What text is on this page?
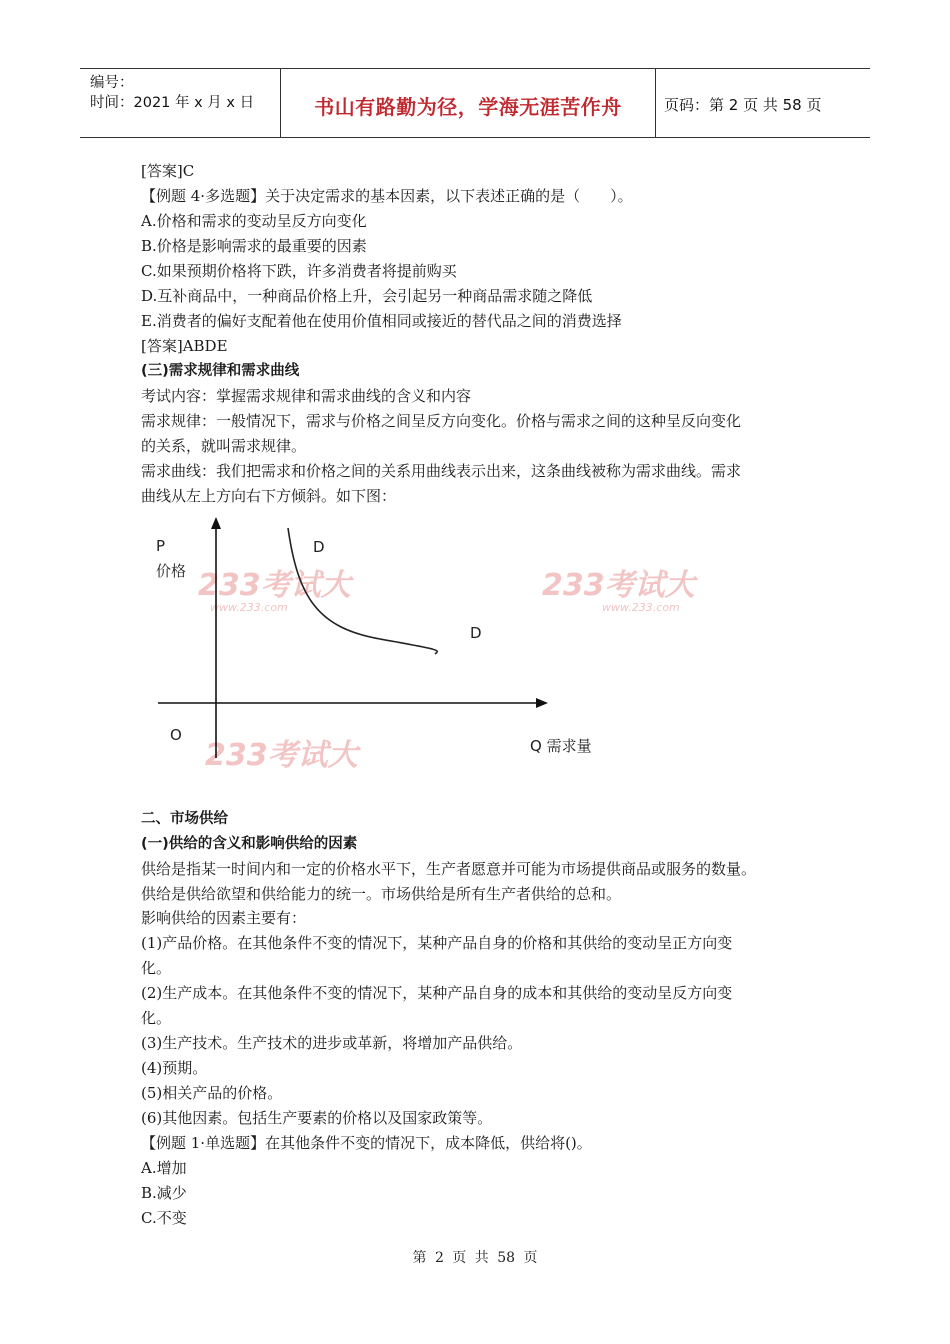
编号：
时间：2021 年 x 月 x 日	书山有路勤为径，学海无涯苦作舟	页码：第 2 页 共 58 页
[答案]C
【例题 4·多选题】关于决定需求的基本因素，以下表述正确的是（　　）。
A.价格和需求的变动呈反方向变化
B.价格是影响需求的最重要的因素
C.如果预期价格将下跌，许多消费者将提前购买
D.互补商品中，一种商品价格上升，会引起另一种商品需求随之降低
E.消费者的偏好支配着他在使用价值相同或接近的替代品之间的消费选择
[答案]ABDE
(三)需求规律和需求曲线
考试内容：掌握需求规律和需求曲线的含义和内容
需求规律：一般情况下，需求与价格之间呈反方向变化。价格与需求之间的这种呈反向变化
的关系，就叫需求规律。
需求曲线：我们把需求和价格之间的关系用曲线表示出来，这条曲线被称为需求曲线。需求
曲线从左上方向右下方倾斜。如下图：
233考试大
www.233.com
233考试大
www.233.com
233考试大
P
价格
D
D
O
Q 需求量
二、市场供给
(一)供给的含义和影响供给的因素
供给是指某一时间内和一定的价格水平下，生产者愿意并可能为市场提供商品或服务的数量。
供给是供给欲望和供给能力的统一。市场供给是所有生产者供给的总和。
影响供给的因素主要有：
(1)产品价格。在其他条件不变的情况下，某种产品自身的价格和其供给的变动呈正方向变
化。
(2)生产成本。在其他条件不变的情况下，某种产品自身的成本和其供给的变动呈反方向变
化。
(3)生产技术。生产技术的进步或革新，将增加产品供给。
(4)预期。
(5)相关产品的价格。
(6)其他因素。包括生产要素的价格以及国家政策等。
【例题 1·单选题】在其他条件不变的情况下，成本降低，供给将()。
A.增加
B.减少
C.不变
第 2 页 共 58 页
